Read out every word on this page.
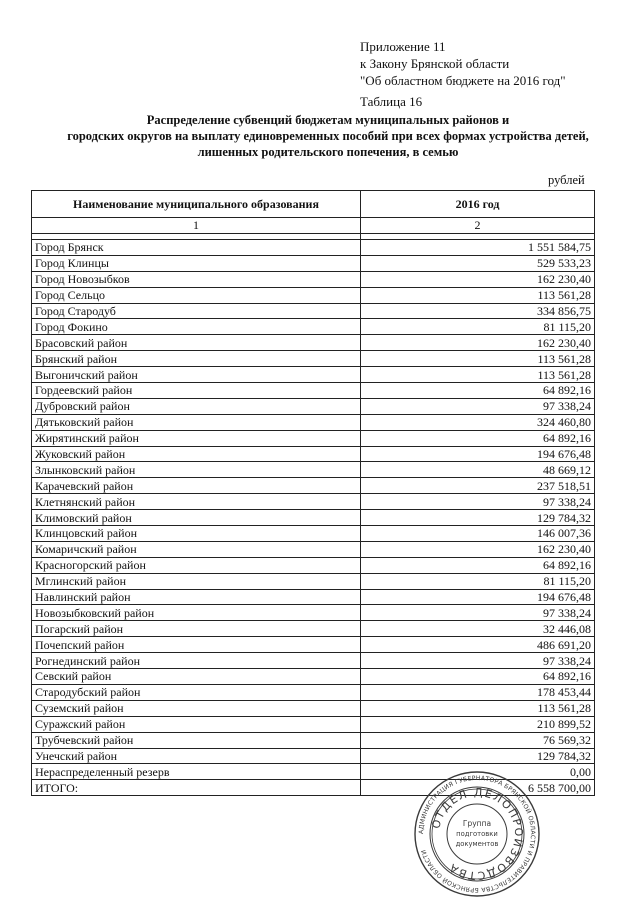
Приложение 11
к Закону Брянской области
"Об областном бюджете на 2016 год"
Таблица 16
Распределение субвенций бюджетам муниципальных районов и
городских округов на выплату единовременных пособий при всех формах устройства детей,
лишенных родительского попечения, в семью
рублей
Наименование муниципального образования	2016 год
1	2

Город Брянск	1 551 584,75
Город Клинцы	529 533,23
Город Новозыбков	162 230,40
Город Сельцо	113 561,28
Город Стародуб	334 856,75
Город Фокино	81 115,20
Брасовский район	162 230,40
Брянский район	113 561,28
Выгоничский район	113 561,28
Гордеевский район	64 892,16
Дубровский район	97 338,24
Дятьковский район	324 460,80
Жирятинский район	64 892,16
Жуковский район	194 676,48
Злынковский район	48 669,12
Карачевский район	237 518,51
Клетнянский район	97 338,24
Климовский район	129 784,32
Клинцовский район	146 007,36
Комаричский район	162 230,40
Красногорский район	64 892,16
Мглинский район	81 115,20
Навлинский район	194 676,48
Новозыбковский район	97 338,24
Погарский район	32 446,08
Почепский район	486 691,20
Рогнединский район	97 338,24
Севский район	64 892,16
Стародубский район	178 453,44
Суземский район	113 561,28
Суражский район	210 899,52
Трубчевский район	76 569,32
Унечский район	129 784,32
Нераспределенный резерв	0,00
ИТОГО:	6 558 700,00
АДМИНИСТРАЦИЯ ГУБЕРНАТОРА БРЯНСКОЙ ОБЛАСТИ И ПРАВИТЕЛЬСТВА БРЯНСКОЙ ОБЛАСТИ
ОТДЕЛ ДЕЛОПРОИЗВОДСТВА
Группа
подготовки
документов
